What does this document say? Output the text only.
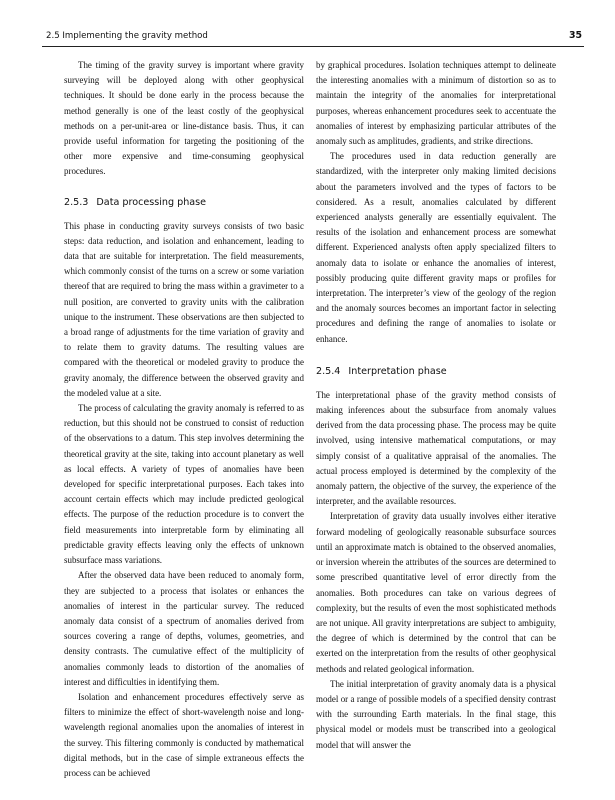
2.5 Implementing the gravity method	35

The timing of the gravity survey is important where gravity surveying will be deployed along with other geophysical techniques. It should be done early in the process because the method generally is one of the least costly of the geophysical methods on a per-unit-area or line-distance basis. Thus, it can provide useful information for targeting the positioning of the other more expensive and time-consuming geophysical procedures.

2.5.3 Data processing phase

This phase in conducting gravity surveys consists of two basic steps: data reduction, and isolation and enhancement, leading to data that are suitable for interpretation. The field measurements, which commonly consist of the turns on a screw or some variation thereof that are required to bring the mass within a gravimeter to a null position, are converted to gravity units with the calibration unique to the instrument. These observations are then subjected to a broad range of adjustments for the time variation of gravity and to relate them to gravity datums. The resulting values are compared with the theoretical or modeled gravity to produce the gravity anomaly, the difference between the observed gravity and the modeled value at a site.

The process of calculating the gravity anomaly is referred to as reduction, but this should not be construed to consist of reduction of the observations to a datum. This step involves determining the theoretical gravity at the site, taking into account planetary as well as local effects. A variety of types of anomalies have been developed for specific interpretational purposes. Each takes into account certain effects which may include predicted geological effects. The purpose of the reduction procedure is to convert the field measurements into interpretable form by eliminating all predictable gravity effects leaving only the effects of unknown subsurface mass variations.

After the observed data have been reduced to anomaly form, they are subjected to a process that isolates or enhances the anomalies of interest in the particular survey. The reduced anomaly data consist of a spectrum of anomalies derived from sources covering a range of depths, volumes, geometries, and density contrasts. The cumulative effect of the multiplicity of anomalies commonly leads to distortion of the anomalies of interest and difficulties in identifying them.

Isolation and enhancement procedures effectively serve as filters to minimize the effect of short-wavelength noise and long-wavelength regional anomalies upon the anomalies of interest in the survey. This filtering commonly is conducted by mathematical digital methods, but in the case of simple extraneous effects the process can be achieved

by graphical procedures. Isolation techniques attempt to delineate the interesting anomalies with a minimum of distortion so as to maintain the integrity of the anomalies for interpretational purposes, whereas enhancement procedures seek to accentuate the anomalies of interest by emphasizing particular attributes of the anomaly such as amplitudes, gradients, and strike directions.

The procedures used in data reduction generally are standardized, with the interpreter only making limited decisions about the parameters involved and the types of factors to be considered. As a result, anomalies calculated by different experienced analysts generally are essentially equivalent. The results of the isolation and enhancement process are somewhat different. Experienced analysts often apply specialized filters to anomaly data to isolate or enhance the anomalies of interest, possibly producing quite different gravity maps or profiles for interpretation. The interpreter’s view of the geology of the region and the anomaly sources becomes an important factor in selecting procedures and defining the range of anomalies to isolate or enhance.

2.5.4 Interpretation phase

The interpretational phase of the gravity method consists of making inferences about the subsurface from anomaly values derived from the data processing phase. The process may be quite involved, using intensive mathematical computations, or may simply consist of a qualitative appraisal of the anomalies. The actual process employed is determined by the complexity of the anomaly pattern, the objective of the survey, the experience of the interpreter, and the available resources.

Interpretation of gravity data usually involves either iterative forward modeling of geologically reasonable subsurface sources until an approximate match is obtained to the observed anomalies, or inversion wherein the attributes of the sources are determined to some prescribed quantitative level of error directly from the anomalies. Both procedures can take on various degrees of complexity, but the results of even the most sophisticated methods are not unique. All gravity interpretations are subject to ambiguity, the degree of which is determined by the control that can be exerted on the interpretation from the results of other geophysical methods and related geological information.

The initial interpretation of gravity anomaly data is a physical model or a range of possible models of a specified density contrast with the surrounding Earth materials. In the final stage, this physical model or models must be transcribed into a geological model that will answer the
